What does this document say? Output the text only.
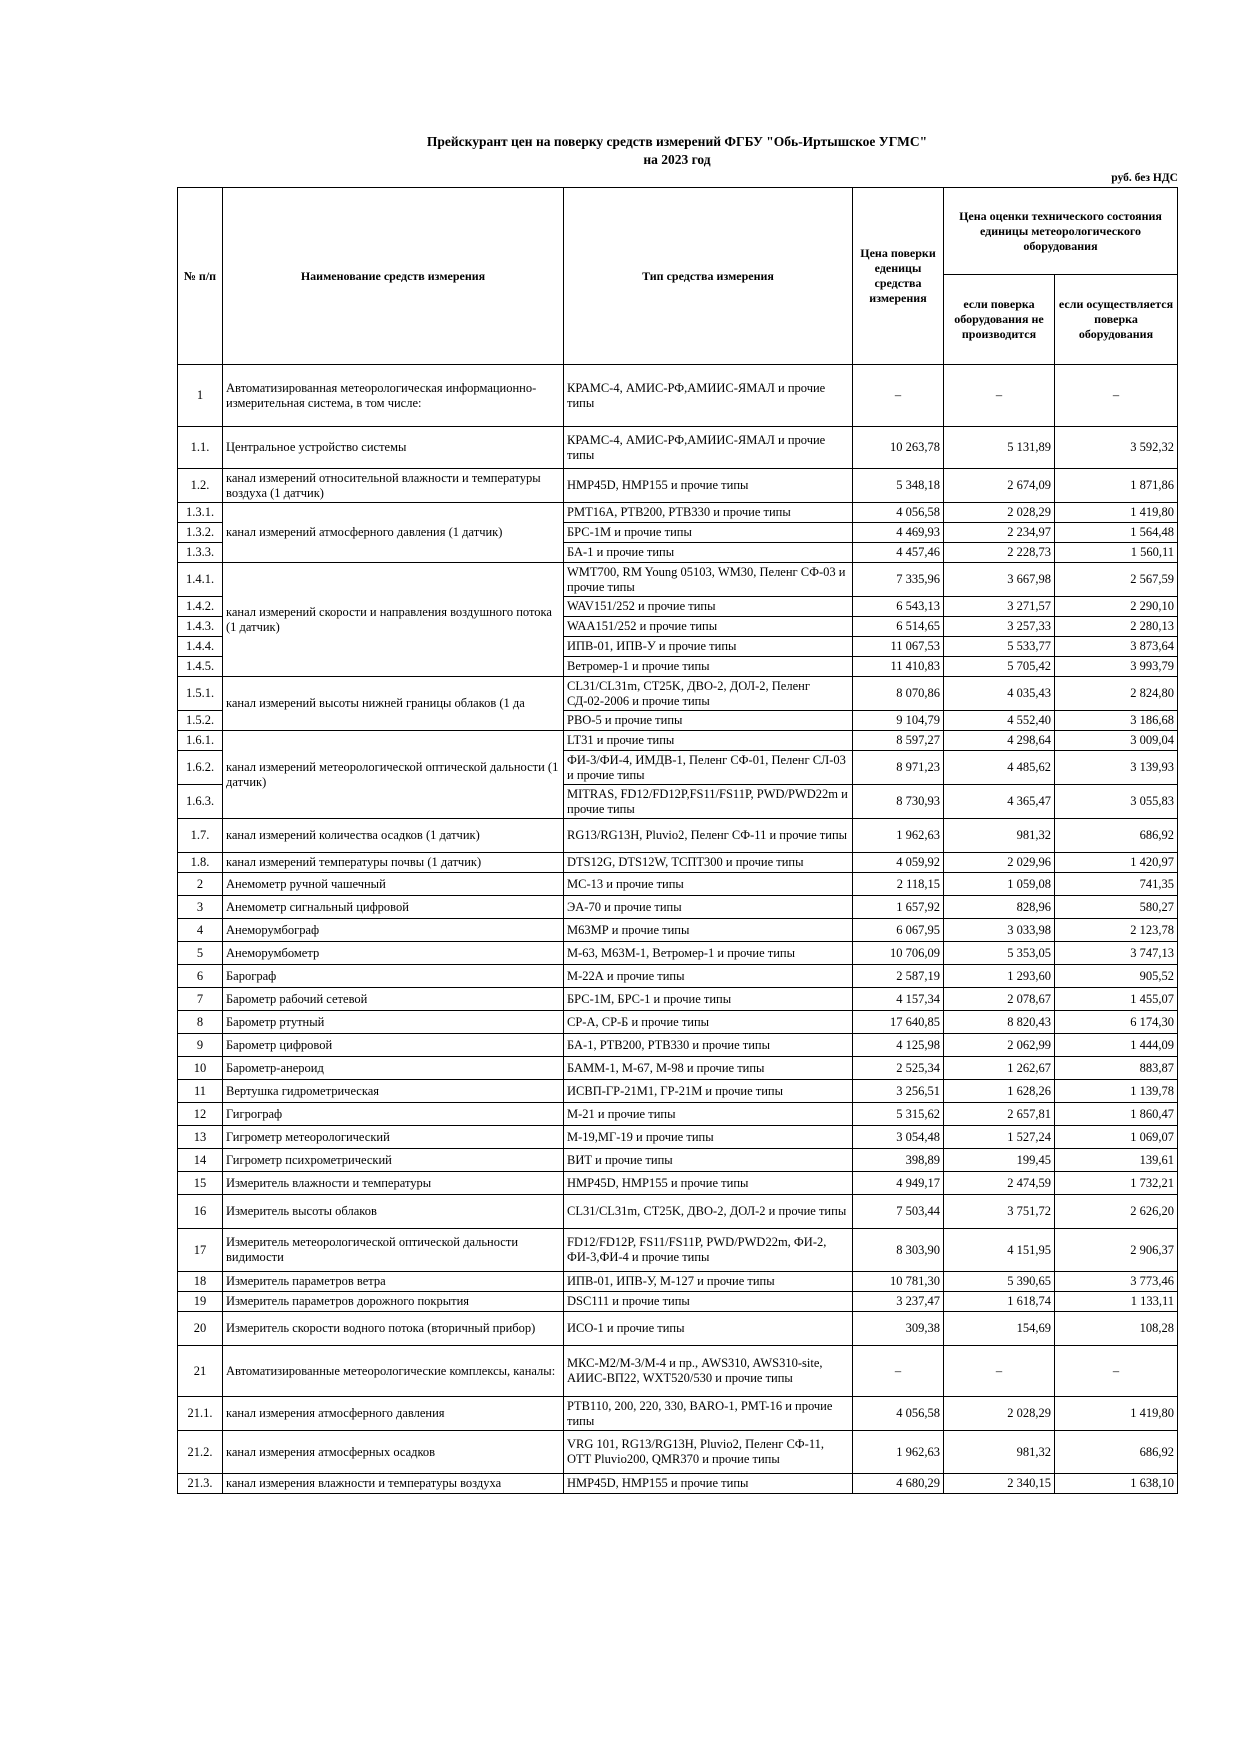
Прейскурант цен на поверку средств измерений ФГБУ "Обь-Иртышское УГМС"
на 2023 год
руб. без НДС
№ п/п	Наименование средств измерения	Тип средства измерения	Цена поверки еденицы средства измерения	Цена оценки технического состояния единицы метеорологического оборудования	
				если поверка оборудования не производится	если осуществляется поверка оборудования
1	Автоматизированная метеорологическая информационно-измерительная система, в том числе:	КРАМС-4, АМИС-РФ,АМИИС-ЯМАЛ и прочие типы	–	–	–
1.1.	Центральное устройство системы	КРАМС-4, АМИС-РФ,АМИИС-ЯМАЛ и прочие типы	10 263,78	5 131,89	3 592,32
1.2.	канал измерений относительной влажности и температуры воздуха (1 датчик)	HMP45D, HMP155 и прочие типы	5 348,18	2 674,09	1 871,86
1.3.1.	канал измерений атмосферного давления (1 датчик)	PMT16A, PTB200, PTB330 и прочие типы	4 056,58	2 028,29	1 419,80
1.3.2.		БРС-1М и прочие типы	4 469,93	2 234,97	1 564,48
1.3.3.		БА-1 и прочие типы	4 457,46	2 228,73	1 560,11
1.4.1.	канал измерений скорости и направления воздушного потока (1 датчик)	WMT700, RM Young 05103, WM30, Пеленг СФ-03 и прочие типы	7 335,96	3 667,98	2 567,59
1.4.2.		WAV151/252 и прочие типы	6 543,13	3 271,57	2 290,10
1.4.3.		WAA151/252 и прочие типы	6 514,65	3 257,33	2 280,13
1.4.4.		ИПВ-01, ИПВ-У и прочие типы	11 067,53	5 533,77	3 873,64
1.4.5.		Ветромер-1 и прочие типы	11 410,83	5 705,42	3 993,79
1.5.1.	канал измерений высоты нижней границы облаков (1 да	CL31/CL31m, CT25K, ДВО-2, ДОЛ-2, Пеленг СД-02-2006 и прочие типы	8 070,86	4 035,43	2 824,80
1.5.2.		РВО-5 и прочие типы	9 104,79	4 552,40	3 186,68
1.6.1.	канал измерений метеорологической оптической дальности (1 датчик)	LT31 и прочие типы	8 597,27	4 298,64	3 009,04
1.6.2.		ФИ-3/ФИ-4, ИМДВ-1, Пеленг СФ-01, Пеленг СЛ-03 и прочие типы	8 971,23	4 485,62	3 139,93
1.6.3.		MITRAS, FD12/FD12P,FS11/FS11P, PWD/PWD22m и прочие типы	8 730,93	4 365,47	3 055,83
1.7.	канал измерений количества осадков (1 датчик)	RG13/RG13H, Pluvio2, Пеленг СФ-11 и прочие типы	1 962,63	981,32	686,92
1.8.	канал измерений температуры почвы (1 датчик)	DTS12G, DTS12W, ТСПТ300 и прочие типы	4 059,92	2 029,96	1 420,97
2	Анемометр ручной чашечный	МС-13 и прочие типы	2 118,15	1 059,08	741,35
3	Анемометр сигнальный цифровой	ЭА-70 и прочие типы	1 657,92	828,96	580,27
4	Анеморумбограф	М63МР и прочие типы	6 067,95	3 033,98	2 123,78
5	Анеморумбометр	М-63, М63М-1, Ветромер-1 и прочие типы	10 706,09	5 353,05	3 747,13
6	Барограф	М-22А и прочие типы	2 587,19	1 293,60	905,52
7	Барометр рабочий сетевой	БРС-1М, БРС-1 и прочие типы	4 157,34	2 078,67	1 455,07
8	Барометр ртутный	СР-А, СР-Б и прочие типы	17 640,85	8 820,43	6 174,30
9	Барометр цифровой	БА-1, PTB200, PTB330 и прочие типы	4 125,98	2 062,99	1 444,09
10	Барометр-анероид	БАММ-1, М-67, М-98 и прочие типы	2 525,34	1 262,67	883,87
11	Вертушка гидрометрическая	ИСВП-ГР-21М1, ГР-21М и прочие типы	3 256,51	1 628,26	1 139,78
12	Гигрограф	М-21 и прочие типы	5 315,62	2 657,81	1 860,47
13	Гигрометр метеорологический	М-19,МГ-19 и прочие типы	3 054,48	1 527,24	1 069,07
14	Гигрометр психрометрический	ВИТ и прочие типы	398,89	199,45	139,61
15	Измеритель влажности и температуры	HMP45D, HMP155 и прочие типы	4 949,17	2 474,59	1 732,21
16	Измеритель высоты облаков	CL31/CL31m, CT25K, ДВО-2, ДОЛ-2 и прочие типы	7 503,44	3 751,72	2 626,20
17	Измеритель метеорологической оптической дальности видимости	FD12/FD12P, FS11/FS11P, PWD/PWD22m, ФИ-2, ФИ-3,ФИ-4 и прочие типы	8 303,90	4 151,95	2 906,37
18	Измеритель параметров ветра	ИПВ-01, ИПВ-У, М-127 и прочие типы	10 781,30	5 390,65	3 773,46
19	Измеритель параметров дорожного покрытия	DSC111 и прочие типы	3 237,47	1 618,74	1 133,11
20	Измеритель скорости водного потока (вторичный прибор)	ИСО-1 и прочие типы	309,38	154,69	108,28
21	Автоматизированные метеорологические комплексы, каналы:	МКС-М2/М-3/М-4 и пр., AWS310, AWS310-site, АИИС-ВП22, WXT520/530 и прочие типы	–	–	–
21.1.	канал измерения атмосферного давления	PTB110, 200, 220, 330, BARO-1, PMT-16 и прочие типы	4 056,58	2 028,29	1 419,80
21.2.	канал измерения атмосферных осадков	VRG 101, RG13/RG13H, Pluvio2, Пеленг СФ-11, OTT Pluvio200, QMR370 и прочие типы	1 962,63	981,32	686,92
21.3.	канал измерения влажности и температуры воздуха	HMP45D, HMP155 и прочие типы	4 680,29	2 340,15	1 638,10
